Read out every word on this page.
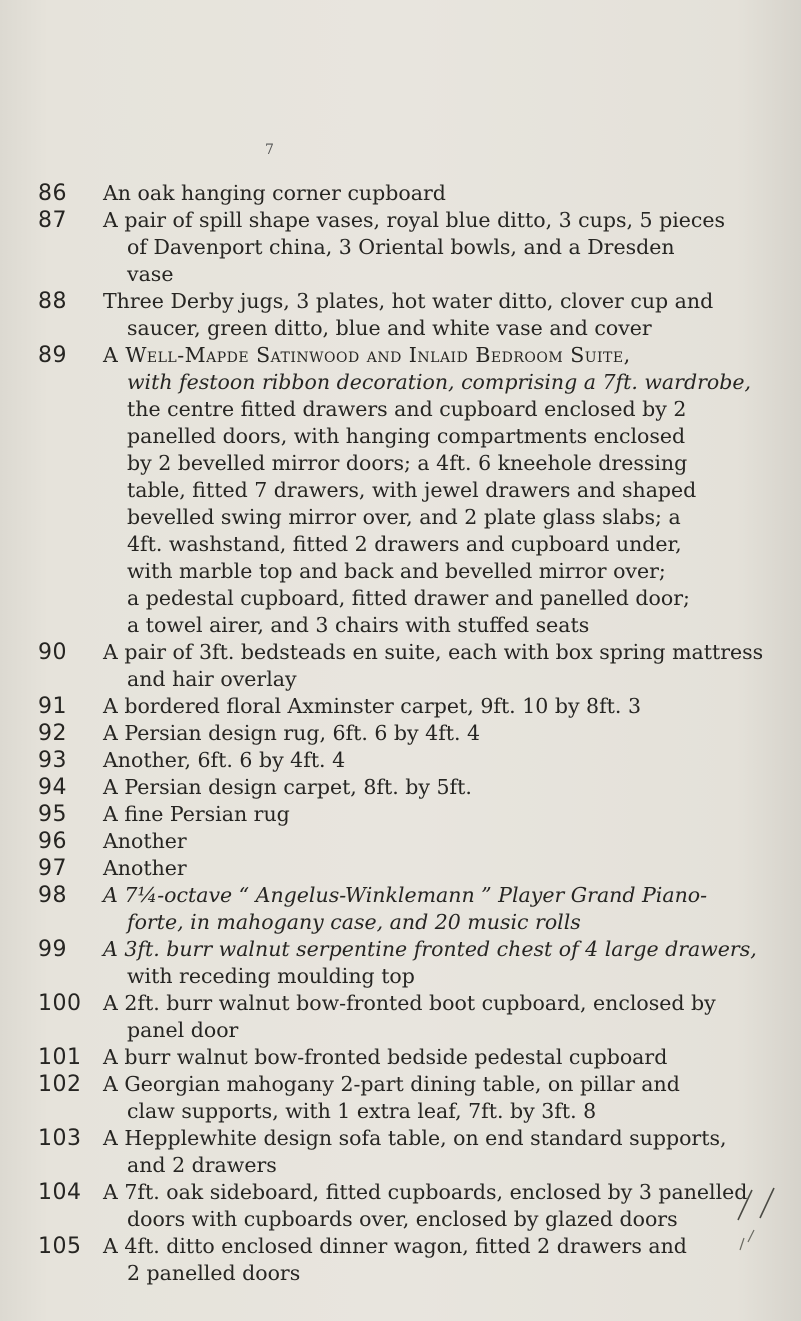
7
86	An oak hanging corner cupboard
87	A pair of spill shape vases, royal blue ditto, 3 cups, 5 pieces
of Davenport china, 3 Oriental bowls, and a Dresden
vase
88	Three Derby jugs, 3 plates, hot water ditto, clover cup and
saucer, green ditto, blue and white vase and cover
89	A Well-Mapde Satinwood and Inlaid Bedroom Suite,
with festoon ribbon decoration, comprising a 7ft. wardrobe,
the centre fitted drawers and cupboard enclosed by 2
panelled doors, with hanging compartments enclosed
by 2 bevelled mirror doors; a 4ft. 6 kneehole dressing
table, fitted 7 drawers, with jewel drawers and shaped
bevelled swing mirror over, and 2 plate glass slabs; a
4ft. washstand, fitted 2 drawers and cupboard under,
with marble top and back and bevelled mirror over;
a pedestal cupboard, fitted drawer and panelled door;
a towel airer, and 3 chairs with stuffed seats
90	A pair of 3ft. bedsteads en suite, each with box spring mattress
and hair overlay
91	A bordered floral Axminster carpet, 9ft. 10 by 8ft. 3
92	A Persian design rug, 6ft. 6 by 4ft. 4
93	Another, 6ft. 6 by 4ft. 4
94	A Persian design carpet, 8ft. by 5ft.
95	A fine Persian rug
96	Another
97	Another
98	A 7¼-octave “ Angelus-Winklemann ” Player Grand Piano-
forte, in mahogany case, and 20 music rolls
99	A 3ft. burr walnut serpentine fronted chest of 4 large drawers,
with receding moulding top
100	A 2ft. burr walnut bow-fronted boot cupboard, enclosed by
panel door
101	A burr walnut bow-fronted bedside pedestal cupboard
102	A Georgian mahogany 2-part dining table, on pillar and
claw supports, with 1 extra leaf, 7ft. by 3ft. 8
103	A Hepplewhite design sofa table, on end standard supports,
and 2 drawers
104	A 7ft. oak sideboard, fitted cupboards, enclosed by 3 panelled
doors with cupboards over, enclosed by glazed doors
105	A 4ft. ditto enclosed dinner wagon, fitted 2 drawers and
2 panelled doors
